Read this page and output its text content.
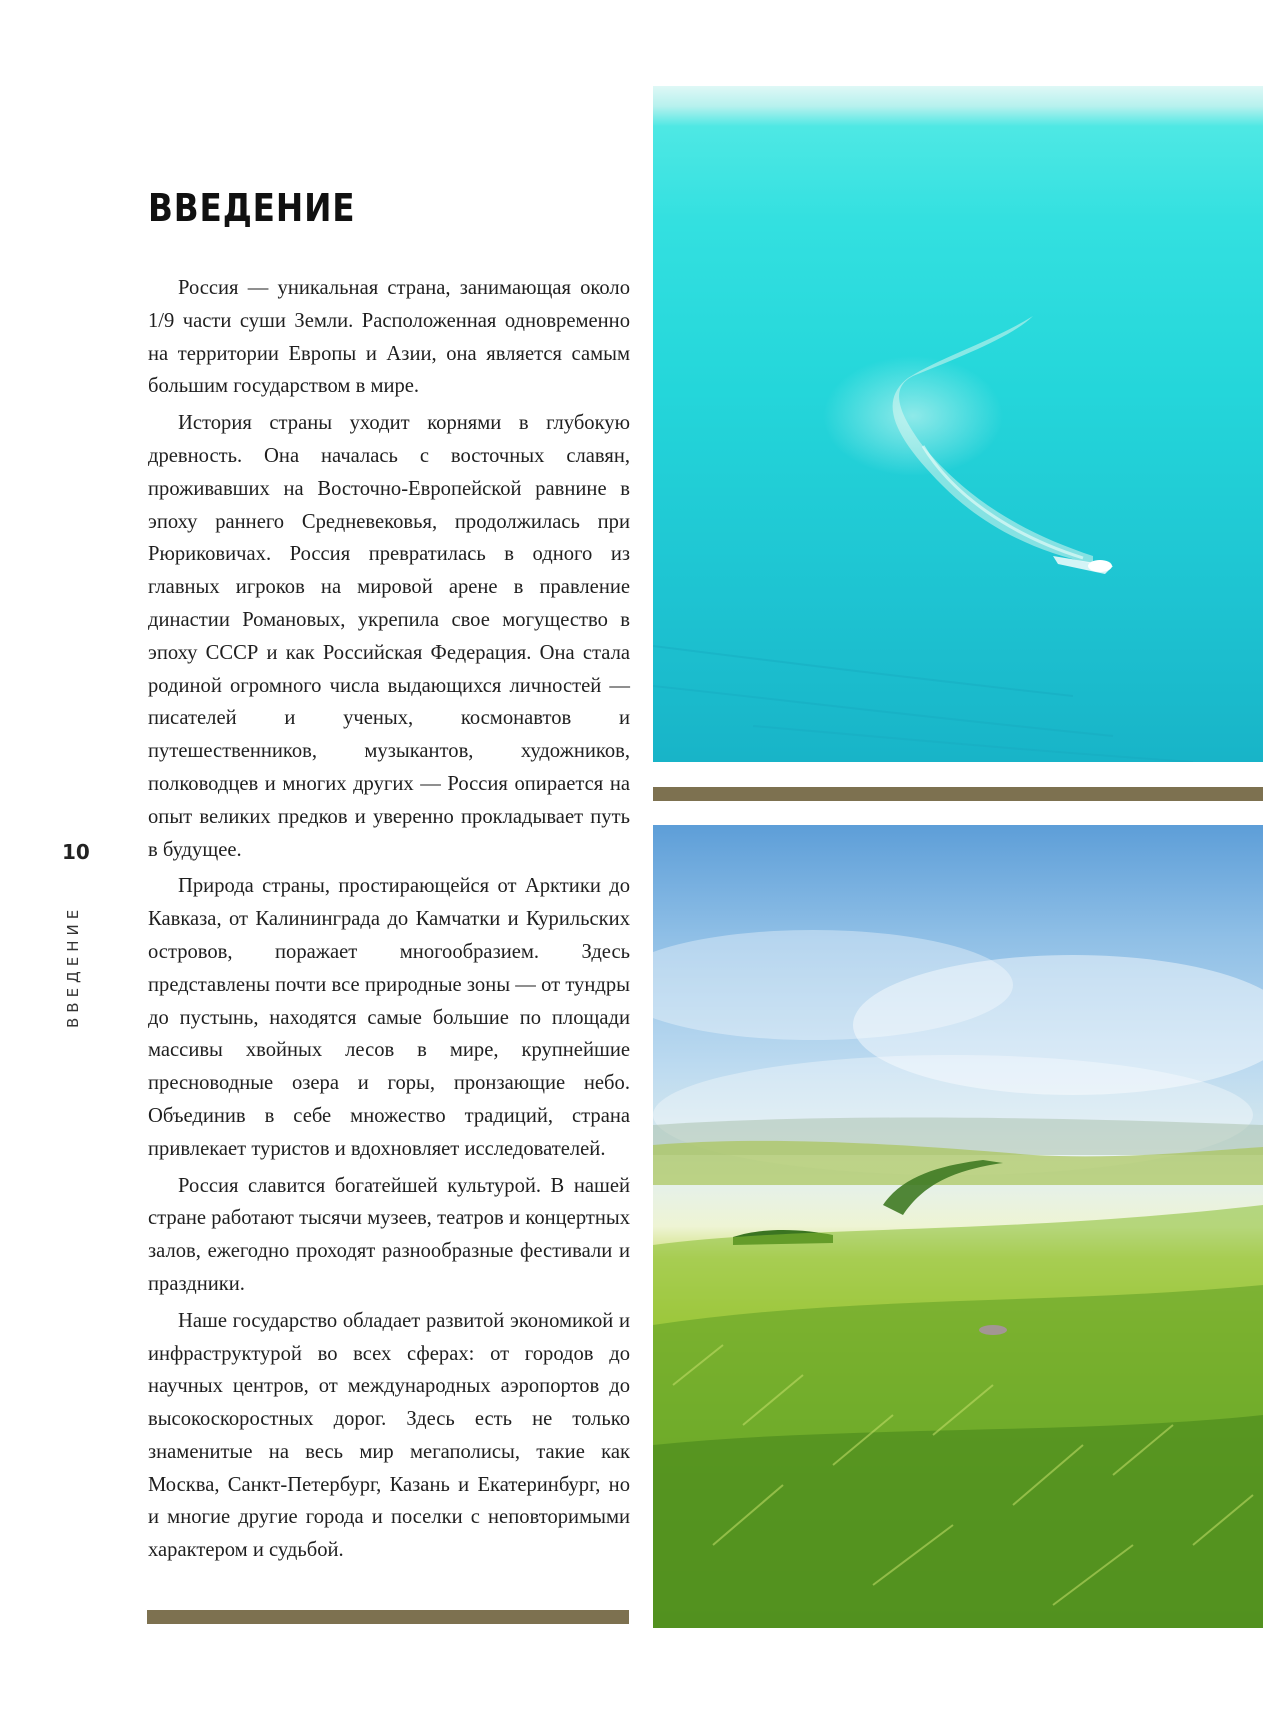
ВВЕДЕНИЕ

Россия — уникальная страна, занимающая около 1/9 части суши Земли. Расположенная одновременно на территории Европы и Азии, она является самым большим государством в мире.

История страны уходит корнями в глубокую древность. Она началась с восточных славян, проживавших на Восточно-Европейской равнине в эпоху раннего Средневековья, продолжилась при Рюриковичах. Россия превратилась в одного из главных игроков на мировой арене в правление династии Романовых, укрепила свое могущество в эпоху СССР и как Российская Федерация. Она стала родиной огромного числа выдающихся личностей — писателей и ученых, космонавтов и путешественников, музыкантов, художников, полководцев и многих других — Россия опирается на опыт великих предков и уверенно прокладывает путь в будущее.

Природа страны, простирающейся от Арктики до Кавказа, от Калининграда до Камчатки и Курильских островов, поражает многообразием. Здесь представлены почти все природные зоны — от тундры до пустынь, находятся самые большие по площади массивы хвойных лесов в мире, крупнейшие пресноводные озера и горы, пронзающие небо. Объединив в себе множество традиций, страна привлекает туристов и вдохновляет исследователей.

Россия славится богатейшей культурой. В нашей стране работают тысячи музеев, театров и концертных залов, ежегодно проходят разнообразные фестивали и праздники.

Наше государство обладает развитой экономикой и инфраструктурой во всех сферах: от городов до научных центров, от международных аэропортов до высокоскоростных дорог. Здесь есть не только знаменитые на весь мир мегаполисы, такие как Москва, Санкт-Петербург, Казань и Екатеринбург, но и многие другие города и поселки с неповторимыми характером и судьбой.

10
ВВЕДЕНИЕ
